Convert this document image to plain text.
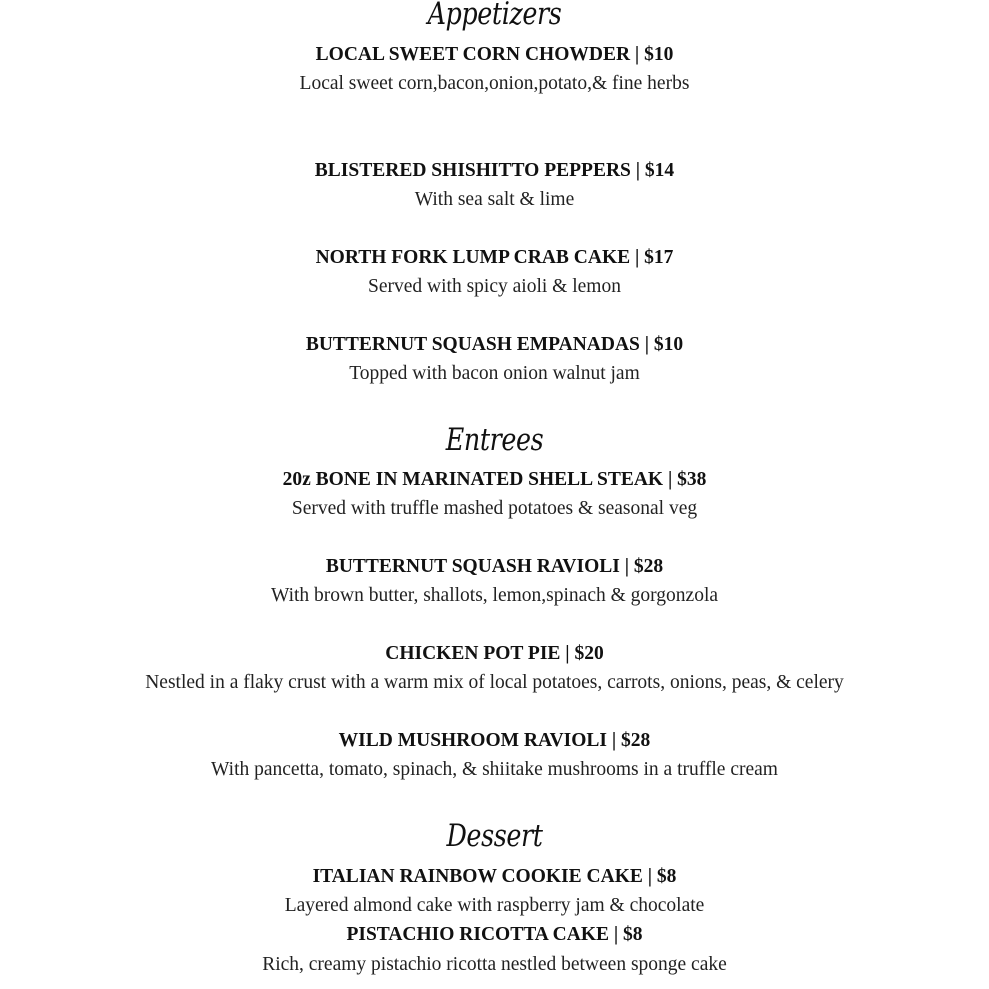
Appetizers
LOCAL SWEET CORN CHOWDER | $10
Local sweet corn,bacon,onion,potato,& fine herbs
BLISTERED SHISHITTO PEPPERS | $14
With sea salt & lime
NORTH FORK LUMP CRAB CAKE | $17
Served with spicy aioli & lemon
BUTTERNUT SQUASH EMPANADAS | $10
Topped with bacon onion walnut jam
Entrees
20z BONE IN MARINATED SHELL STEAK | $38
Served with truffle mashed potatoes & seasonal veg
BUTTERNUT SQUASH RAVIOLI | $28
With brown butter, shallots, lemon,spinach & gorgonzola
CHICKEN POT PIE | $20
Nestled in a flaky crust with a warm mix of local potatoes, carrots, onions, peas, & celery
WILD MUSHROOM RAVIOLI | $28
With pancetta, tomato, spinach, & shiitake mushrooms in a truffle cream
Dessert
ITALIAN RAINBOW COOKIE CAKE | $8
Layered almond cake with raspberry jam & chocolate
PISTACHIO RICOTTA CAKE | $8
Rich, creamy pistachio ricotta nestled between sponge cake
